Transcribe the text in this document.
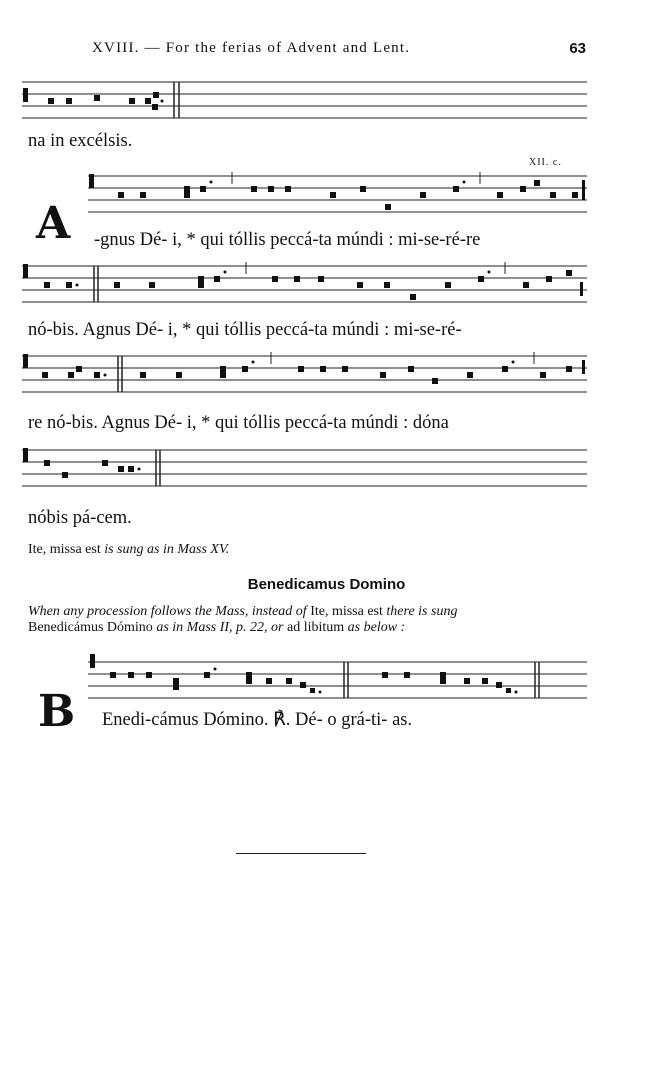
XVIII. — For the ferias of Advent and Lent.	63
na in excélsis.
XII. c.
A -gnus Dé- i, * qui tóllis peccá-ta múndi : mi-se-ré-re
nó-bis. Agnus Dé- i, * qui tóllis peccá-ta múndi : mi-se-ré-
re nó-bis. Agnus Dé- i, * qui tóllis peccá-ta múndi : dóna
nóbis pá-cem.
Ite, missa est is sung as in Mass XV.
Benedicamus Domino
When any procession follows the Mass, instead of Ite, missa est there is sung
Benedicámus Dómino as in Mass II, p. 22, or ad libitum as below :
B Enedi-cámus Dómino. ℟. Dé- o grá-ti- as.
